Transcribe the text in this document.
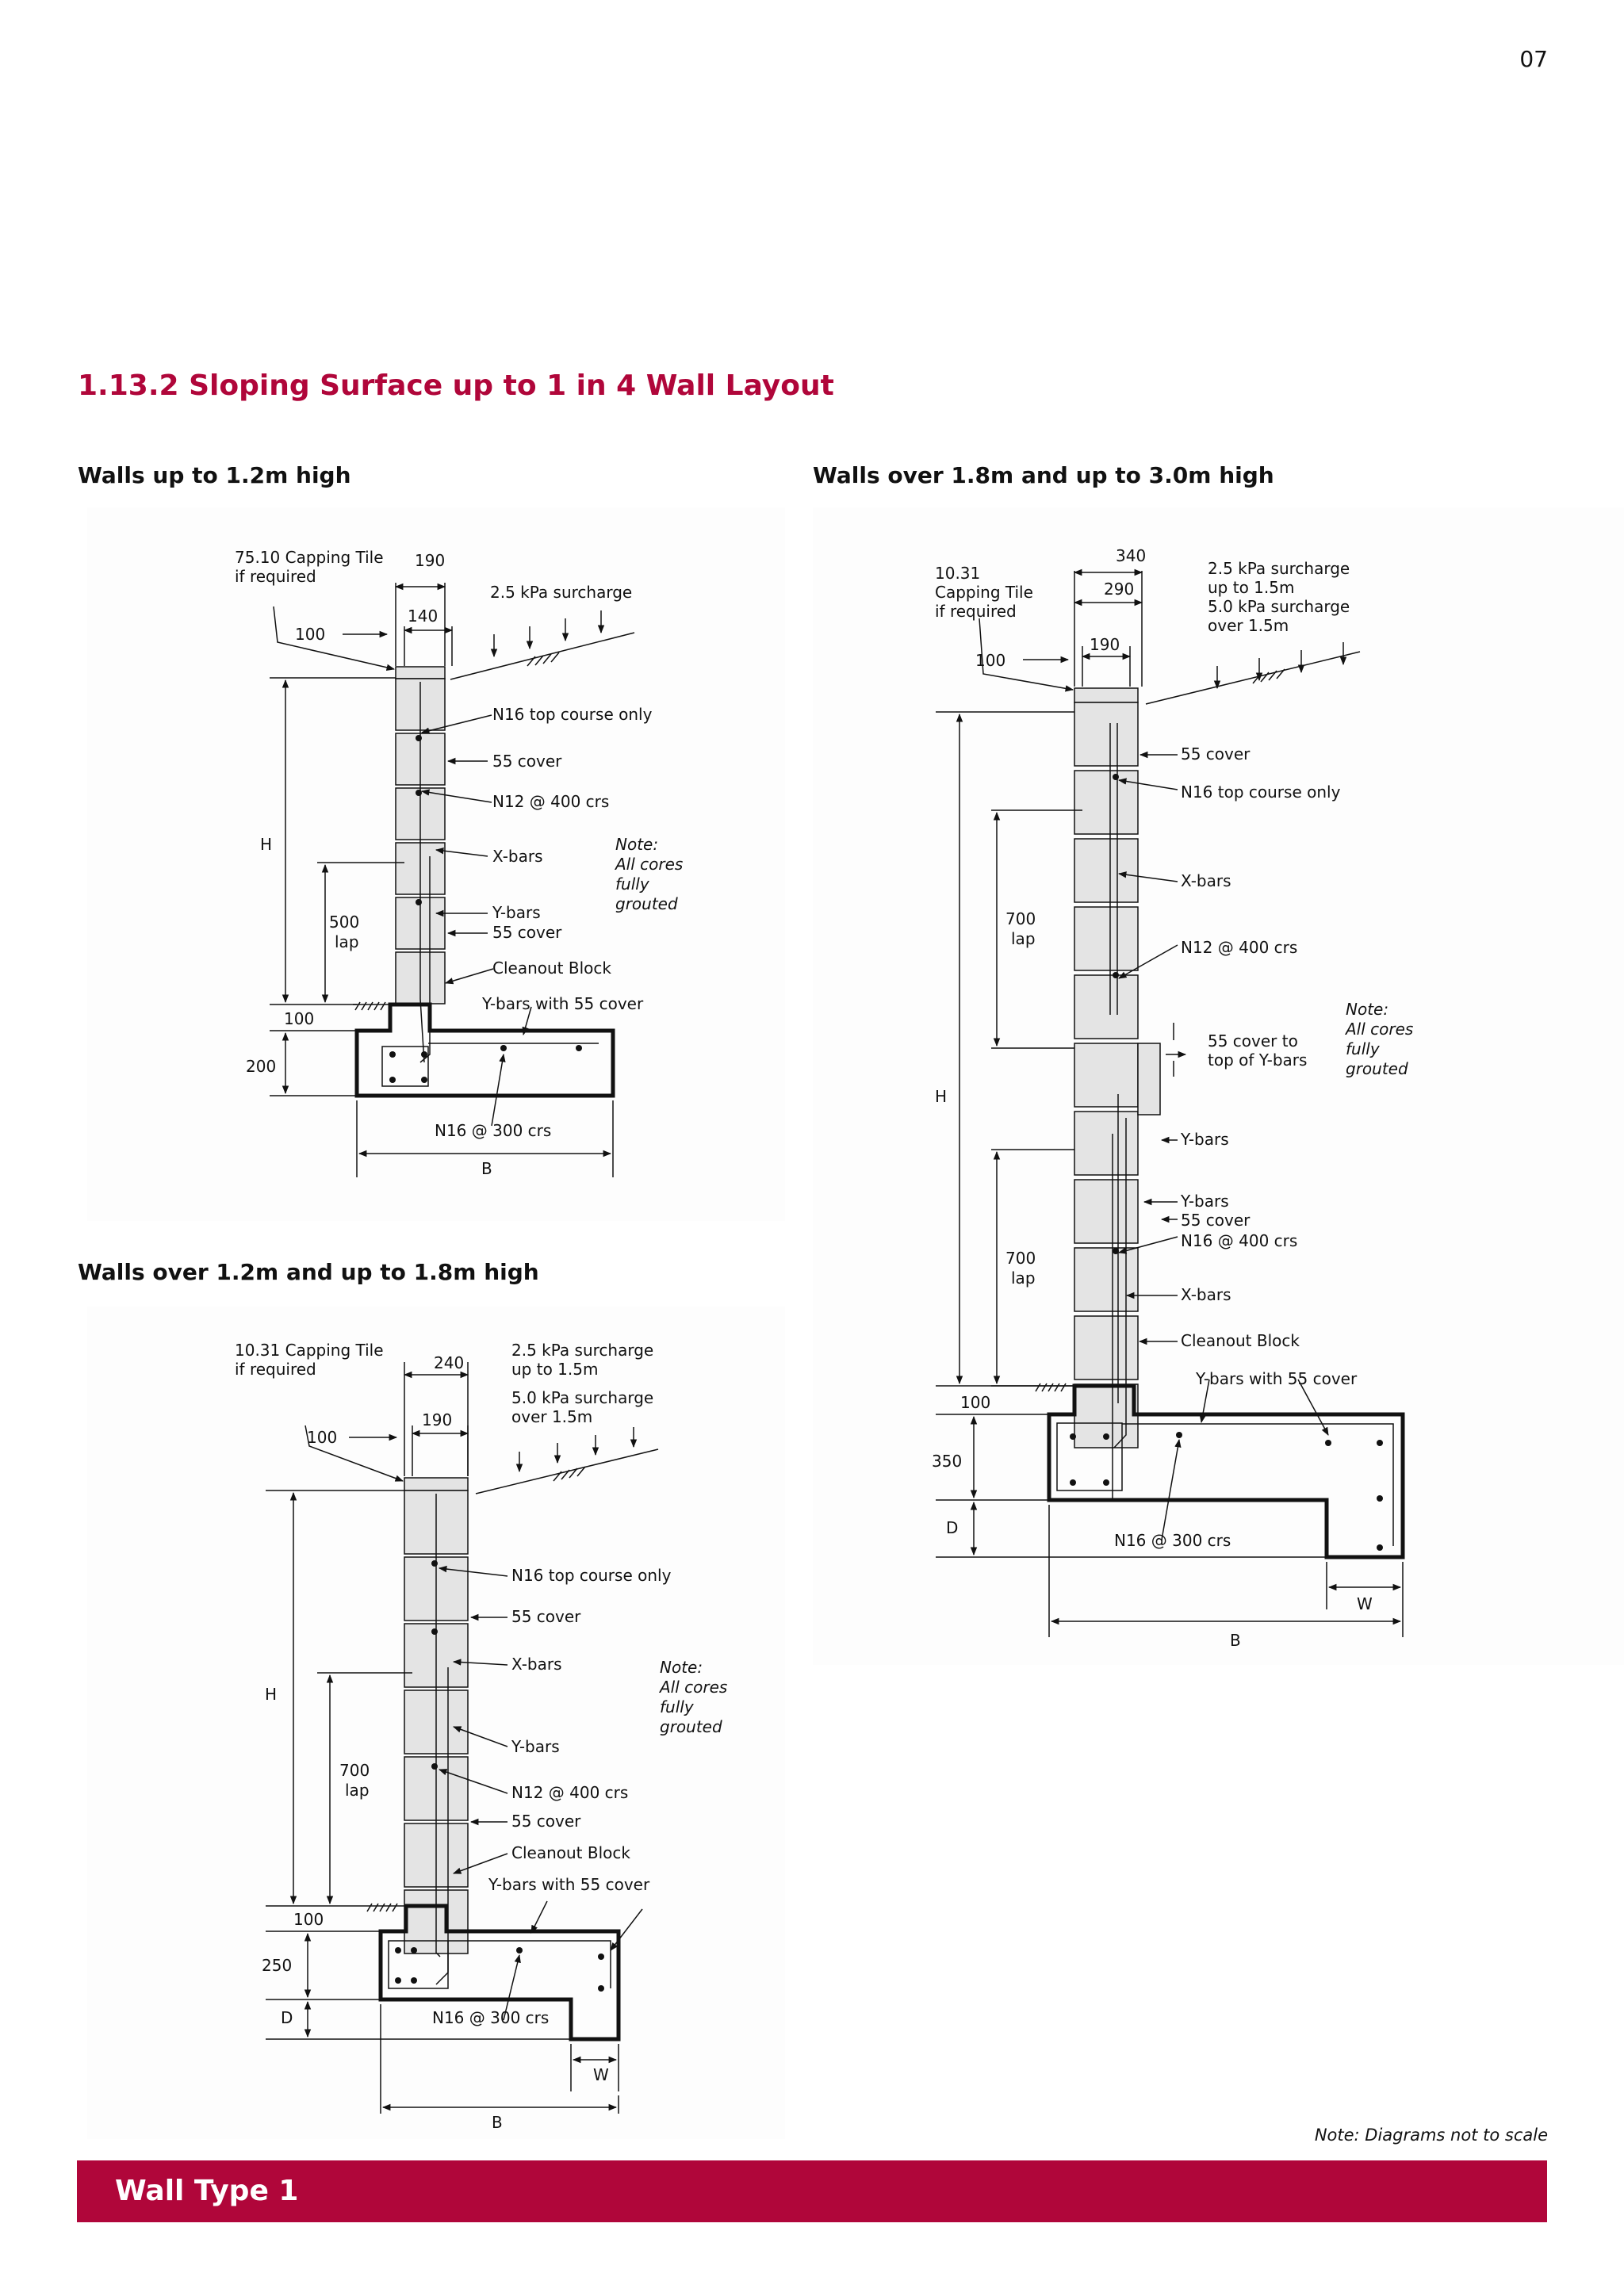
07
1.13.2 Sloping Surface up to 1 in 4 Wall Layout
Walls up to 1.2m high	Walls over 1.8m and up to 3.0m high
Walls over 1.2m and up to 1.8m high
75.10 Capping Tile
if required
190
140
100
2.5 kPa surcharge
N16 top course only
55 cover
N12 @ 400 crs
H
X-bars
Note:
All cores
fully
grouted
500
lap
Y-bars
55 cover
Cleanout Block
Y-bars with 55 cover
100
200
N16 @ 300 crs
B
10.31 Capping Tile
if required	240
190
100
2.5 kPa surcharge
up to 1.5m
5.0 kPa surcharge
over 1.5m
N16 top course only
55 cover
X-bars
H
Note:
All cores
fully
grouted
Y-bars
700
lap	N12 @ 400 crs
55 cover
Cleanout Block
Y-bars with 55 cover
100
250
D	N16 @ 300 crs
W
B
340
10.31
Capping Tile
if required
290
190
100
2.5 kPa surcharge
up to 1.5m
5.0 kPa surcharge
over 1.5m
55 cover
N16 top course only
700
lap
X-bars
N12 @ 400 crs
Note:
All cores
fully
grouted
55 cover to
top of Y-bars
H
Y-bars
Y-bars
55 cover
N16 @ 400 crs
700
lap
X-bars
Cleanout Block
Y-bars with 55 cover
100
350
D
N16 @ 300 crs
W
B
Note: Diagrams not to scale
Wall Type 1
